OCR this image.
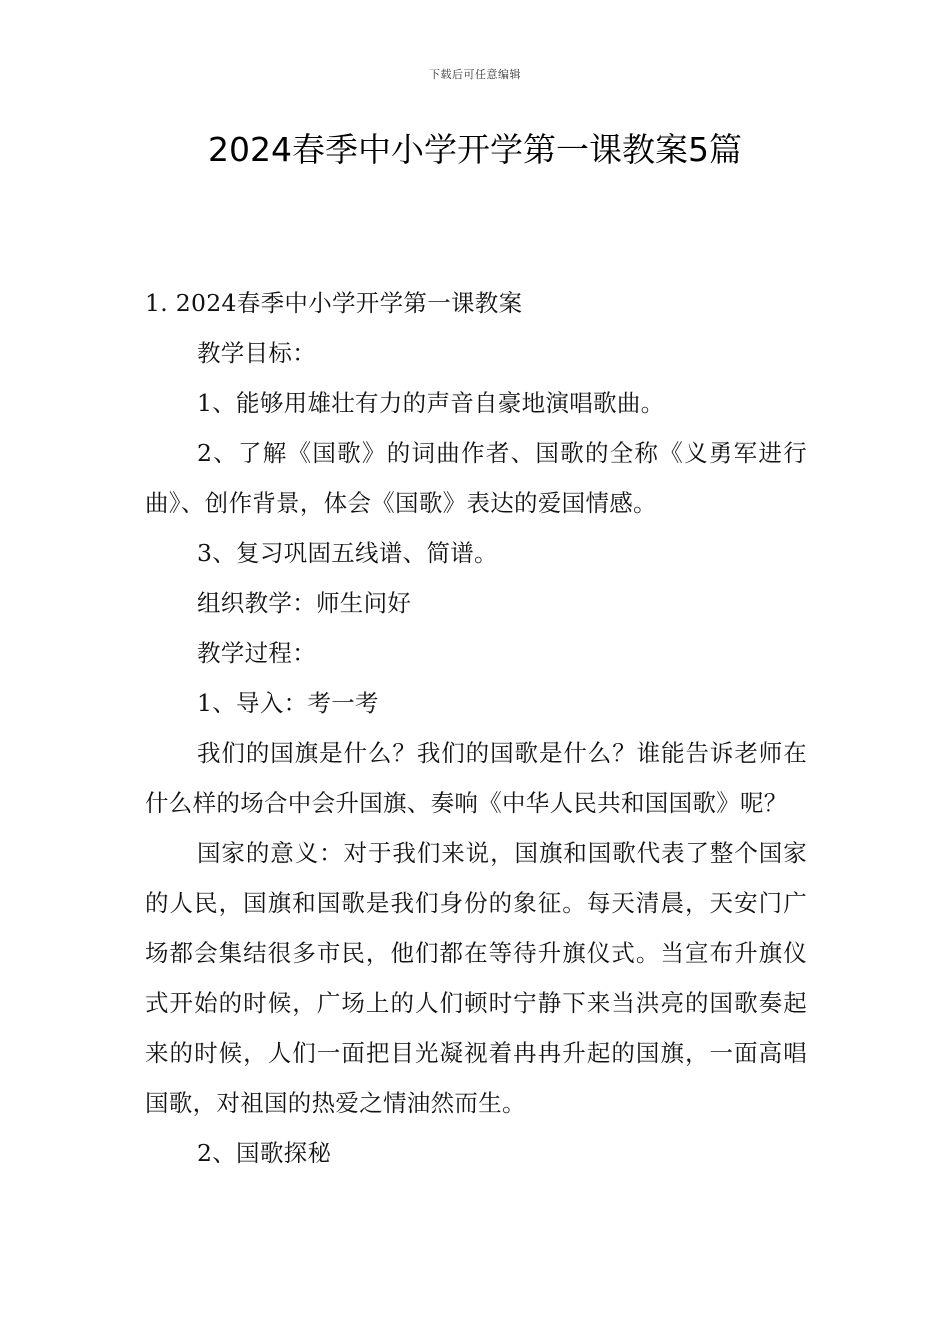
下载后可任意编辑
2024春季中小学开学第一课教案5篇

1. 2024春季中小学开学第一课教案

教学目标：

1、能够用雄壮有力的声音自豪地演唱歌曲。

2、了解《国歌》的词曲作者、国歌的全称《义勇军进行曲》、创作背景，体会《国歌》表达的爱国情感。

3、复习巩固五线谱、简谱。

组织教学：师生问好

教学过程：

1、导入：考一考

我们的国旗是什么？我们的国歌是什么？谁能告诉老师在什么样的场合中会升国旗、奏响《中华人民共和国国歌》呢？

国家的意义：对于我们来说，国旗和国歌代表了整个国家的人民，国旗和国歌是我们身份的象征。每天清晨，天安门广场都会集结很多市民，他们都在等待升旗仪式。当宣布升旗仪式开始的时候，广场上的人们顿时宁静下来当洪亮的国歌奏起来的时候，人们一面把目光凝视着冉冉升起的国旗，一面高唱国歌，对祖国的热爱之情油然而生。

2、国歌探秘
